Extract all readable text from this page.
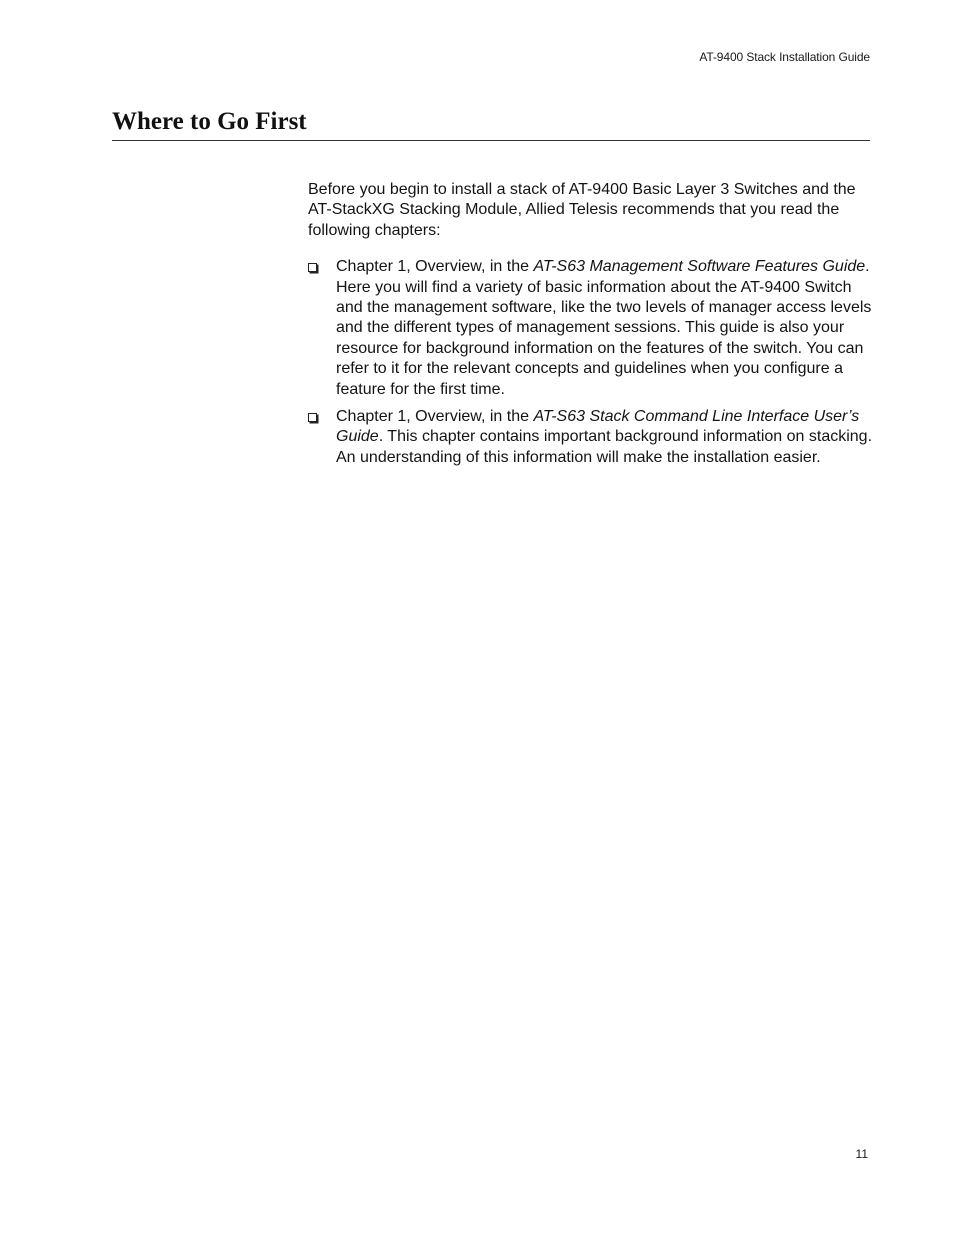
AT-9400 Stack Installation Guide
Where to Go First

Before you begin to install a stack of AT-9400 Basic Layer 3 Switches and the AT-StackXG Stacking Module, Allied Telesis recommends that you read the following chapters:

Chapter 1, Overview, in the AT-S63 Management Software Features Guide. Here you will find a variety of basic information about the AT-9400 Switch and the management software, like the two levels of manager access levels and the different types of management sessions. This guide is also your resource for background information on the features of the switch. You can refer to it for the relevant concepts and guidelines when you configure a feature for the first time.
Chapter 1, Overview, in the AT-S63 Stack Command Line Interface User’s Guide. This chapter contains important background information on stacking. An understanding of this information will make the installation easier.
11
